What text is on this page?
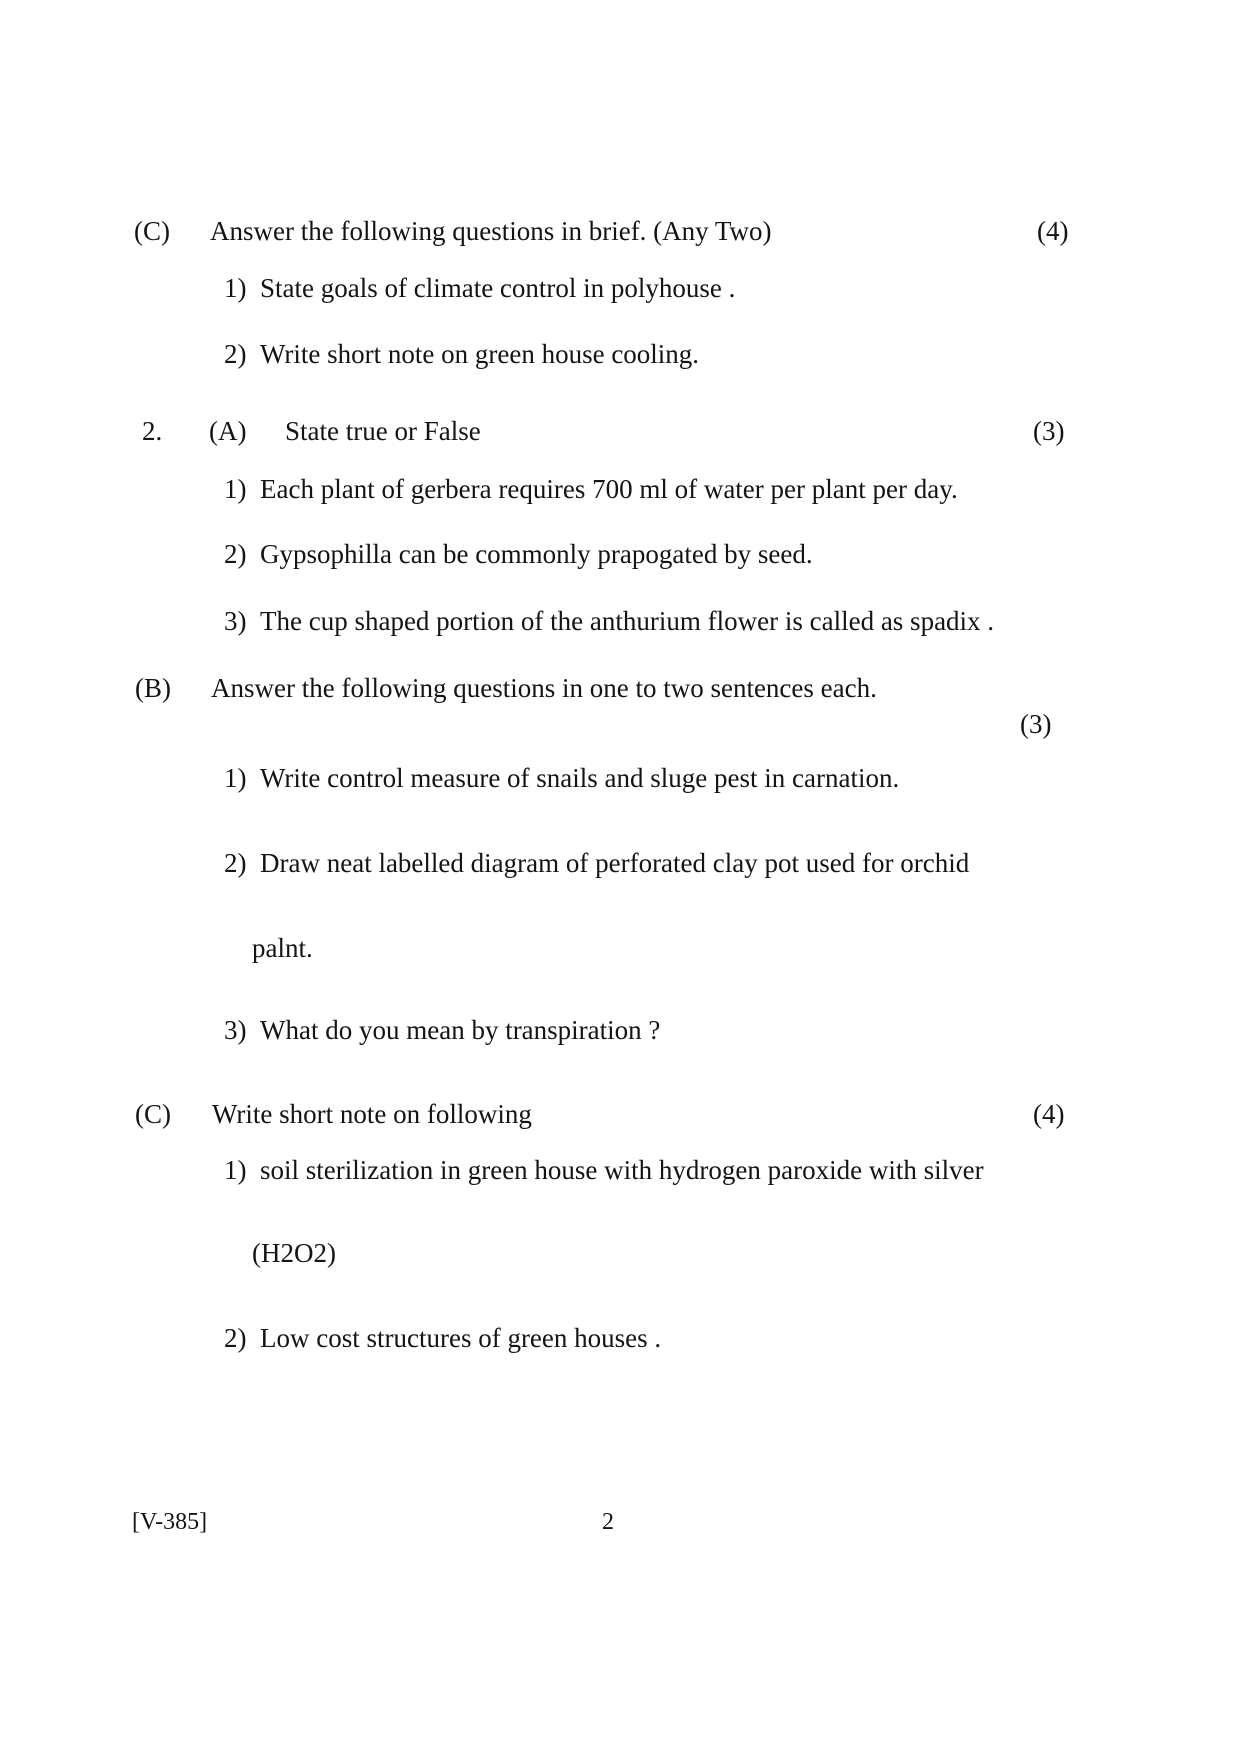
(C) Answer the following questions in brief. (Any Two)	(4)
1) State goals of climate control in polyhouse .
2) Write short note on green house cooling.
2. (A) State true or False	(3)
1) Each plant of gerbera requires 700 ml of water per plant per day.
2) Gypsophilla can be commonly prapogated by seed.
3) The cup shaped portion of the anthurium flower is called as spadix .
(B) Answer the following questions in one to two sentences each.
(3)
1) Write control measure of snails and sluge pest in carnation.
2) Draw neat labelled diagram of perforated clay pot used for orchid
palnt.
3) What do you mean by transpiration ?
(C) Write short note on following	(4)
1) soil sterilization in green house with hydrogen paroxide with silver
(H2O2)
2) Low cost structures of green houses .
[V-385]	2
